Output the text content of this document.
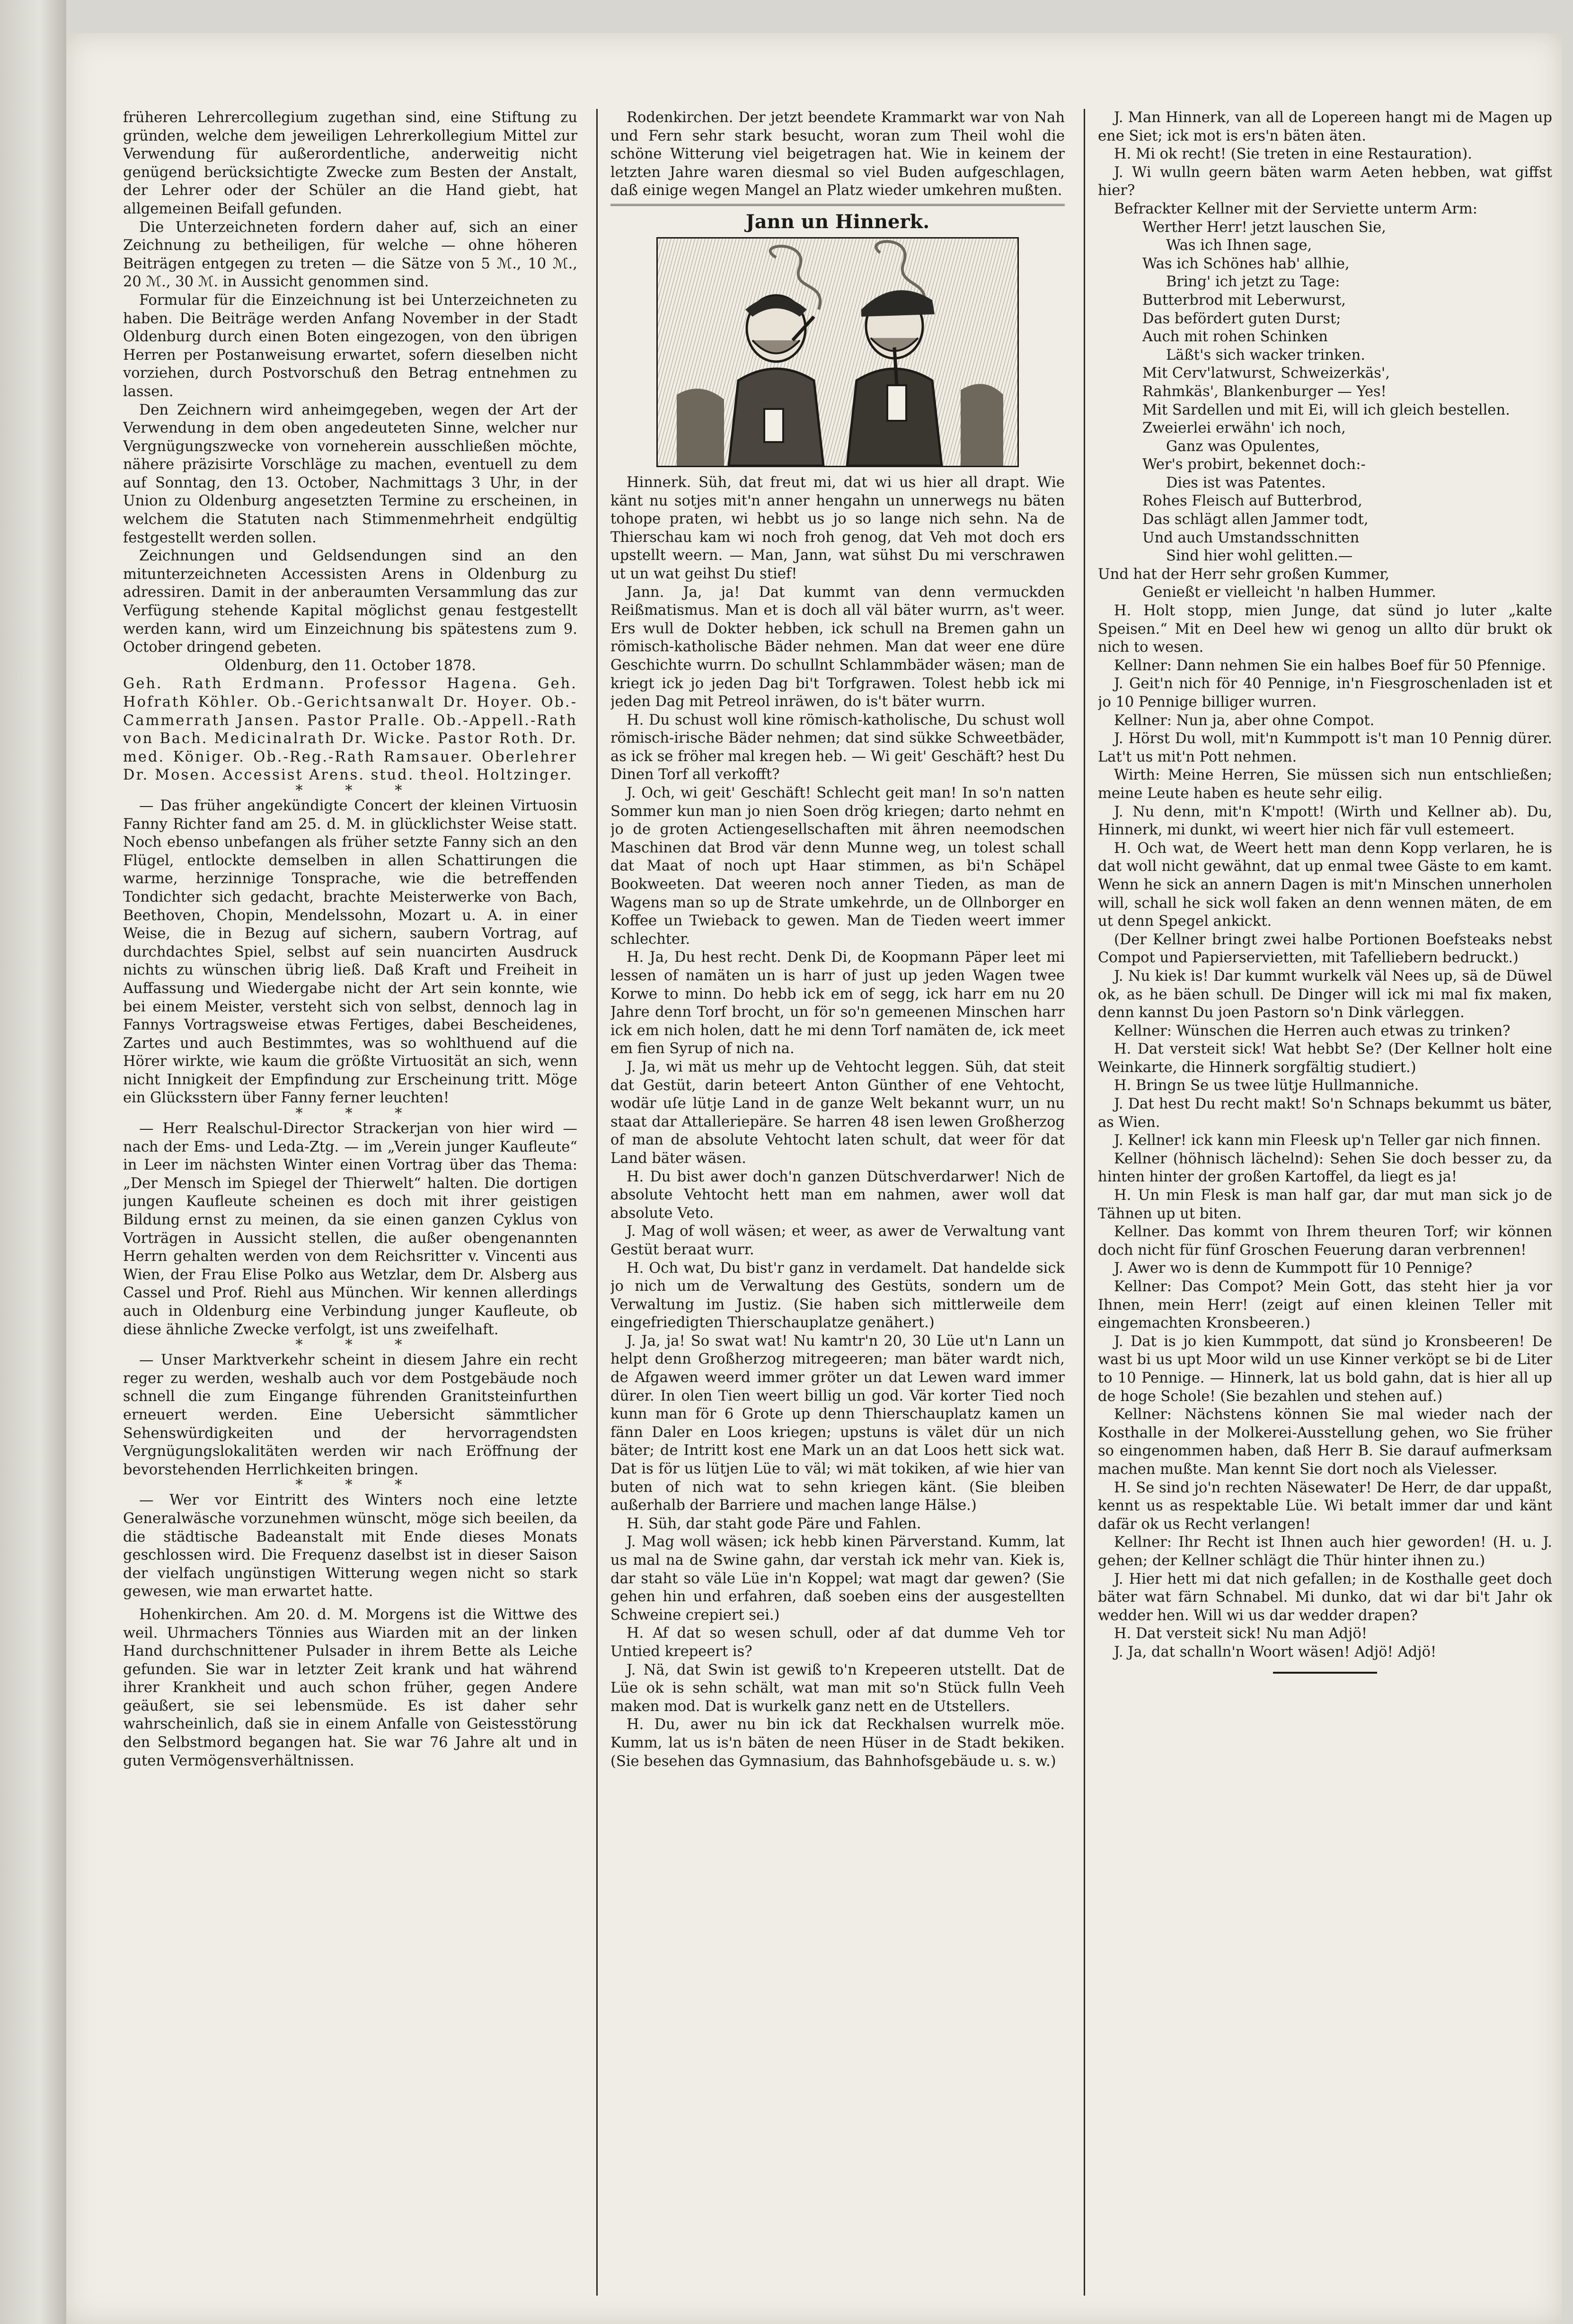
früheren Lehrercollegium zugethan sind, eine Stiftung zu gründen, welche dem jeweiligen Lehrerkollegium Mittel zur Verwendung für außerordentliche, anderweitig nicht genügend berücksichtigte Zwecke zum Besten der Anstalt, der Lehrer oder der Schüler an die Hand giebt, hat allgemeinen Beifall gefunden.

Die Unterzeichneten fordern daher auf, sich an einer Zeichnung zu betheiligen, für welche — ohne höheren Beiträgen entgegen zu treten — die Sätze von 5 ℳ., 10 ℳ., 20 ℳ., 30 ℳ. in Aussicht genommen sind.

Formular für die Einzeichnung ist bei Unterzeichneten zu haben. Die Beiträge werden Anfang November in der Stadt Oldenburg durch einen Boten eingezogen, von den übrigen Herren per Postanweisung erwartet, sofern dieselben nicht vorziehen, durch Postvorschuß den Betrag entnehmen zu lassen.

Den Zeichnern wird anheimgegeben, wegen der Art der Verwendung in dem oben angedeuteten Sinne, welcher nur Vergnügungszwecke von vorneherein ausschließen möchte, nähere präzisirte Vorschläge zu machen, eventuell zu dem auf Sonntag, den 13. October, Nachmittags 3 Uhr, in der Union zu Oldenburg angesetzten Termine zu erscheinen, in welchem die Statuten nach Stimmenmehrheit endgültig festgestellt werden sollen.

Zeichnungen und Geldsendungen sind an den mitunterzeichneten Accessisten Arens in Oldenburg zu adressiren. Damit in der anberaumten Versammlung das zur Verfügung stehende Kapital möglichst genau festgestellt werden kann, wird um Einzeichnung bis spätestens zum 9. October dringend gebeten.

Oldenburg, den 11. October 1878.

Geh. Rath Erdmann. Professor Hagena. Geh. Hofrath Köhler. Ob.-Gerichtsanwalt Dr. Hoyer. Ob.-Cammerrath Jansen. Pastor Pralle. Ob.-Appell.-Rath von Bach. Medicinalrath Dr. Wicke. Pastor Roth. Dr. med. Königer. Ob.-Reg.-Rath Ramsauer. Oberlehrer Dr. Mosen. Accessist Arens. stud. theol. Holtzinger.

* * *

— Das früher angekündigte Concert der kleinen Virtuosin Fanny Richter fand am 25. d. M. in glücklichster Weise statt. Noch ebenso unbefangen als früher setzte Fanny sich an den Flügel, entlockte demselben in allen Schattirungen die warme, herzinnige Tonsprache, wie die betreffenden Tondichter sich gedacht, brachte Meisterwerke von Bach, Beethoven, Chopin, Mendelssohn, Mozart u. A. in einer Weise, die in Bezug auf sichern, saubern Vortrag, auf durchdachtes Spiel, selbst auf sein nuancirten Ausdruck nichts zu wünschen übrig ließ. Daß Kraft und Freiheit in Auffassung und Wiedergabe nicht der Art sein konnte, wie bei einem Meister, versteht sich von selbst, dennoch lag in Fannys Vortragsweise etwas Fertiges, dabei Bescheidenes, Zartes und auch Bestimmtes, was so wohlthuend auf die Hörer wirkte, wie kaum die größte Virtuosität an sich, wenn nicht Innigkeit der Empfindung zur Erscheinung tritt. Möge ein Glücksstern über Fanny ferner leuchten!

* * *

— Herr Realschul-Director Strackerjan von hier wird — nach der Ems- und Leda-Ztg. — im „Verein junger Kaufleute“ in Leer im nächsten Winter einen Vortrag über das Thema: „Der Mensch im Spiegel der Thierwelt“ halten. Die dortigen jungen Kaufleute scheinen es doch mit ihrer geistigen Bildung ernst zu meinen, da sie einen ganzen Cyklus von Vorträgen in Aussicht stellen, die außer obengenannten Herrn gehalten werden von dem Reichsritter v. Vincenti aus Wien, der Frau Elise Polko aus Wetzlar, dem Dr. Alsberg aus Cassel und Prof. Riehl aus München. Wir kennen allerdings auch in Oldenburg eine Verbindung junger Kaufleute, ob diese ähnliche Zwecke verfolgt, ist uns zweifelhaft.

* * *

— Unser Marktverkehr scheint in diesem Jahre ein recht reger zu werden, weshalb auch vor dem Postgebäude noch schnell die zum Eingange führenden Granitsteinfurthen erneuert werden. Eine Uebersicht sämmtlicher Sehenswürdigkeiten und der hervorragendsten Vergnügungslokalitäten werden wir nach Eröffnung der bevorstehenden Herrlichkeiten bringen.

* * *

— Wer vor Eintritt des Winters noch eine letzte Generalwäsche vorzunehmen wünscht, möge sich beeilen, da die städtische Badeanstalt mit Ende dieses Monats geschlossen wird. Die Frequenz daselbst ist in dieser Saison der vielfach ungünstigen Witterung wegen nicht so stark gewesen, wie man erwartet hatte.

Hohenkirchen. Am 20. d. M. Morgens ist die Wittwe des weil. Uhrmachers Tönnies aus Wiarden mit an der linken Hand durchschnittener Pulsader in ihrem Bette als Leiche gefunden. Sie war in letzter Zeit krank und hat während ihrer Krankheit und auch schon früher, gegen Andere geäußert, sie sei lebensmüde. Es ist daher sehr wahrscheinlich, daß sie in einem Anfalle von Geistesstörung den Selbstmord begangen hat. Sie war 76 Jahre alt und in guten Vermögensverhältnissen.

Rodenkirchen. Der jetzt beendete Krammarkt war von Nah und Fern sehr stark besucht, woran zum Theil wohl die schöne Witterung viel beigetragen hat. Wie in keinem der letzten Jahre waren diesmal so viel Buden aufgeschlagen, daß einige wegen Mangel an Platz wieder umkehren mußten.

Jann un Hinnerk.

Hinnerk. Süh, dat freut mi, dat wi us hier all drapt. Wie känt nu sotjes mit'n anner hengahn un unnerwegs nu bäten tohope praten, wi hebbt us jo so lange nich sehn. Na de Thierschau kam wi noch froh genog, dat Veh mot doch ers upstellt weern. — Man, Jann, wat sühst Du mi verschrawen ut un wat geihst Du stief!

Jann. Ja, ja! Dat kummt van denn vermuckden Reißmatismus. Man et is doch all väl bäter wurrn, as't weer. Ers wull de Dokter hebben, ick schull na Bremen gahn un römisch-katholische Bäder nehmen. Man dat weer ene düre Geschichte wurrn. Do schullnt Schlammbäder wäsen; man de kriegt ick jo jeden Dag bi't Torfgrawen. Tolest hebb ick mi jeden Dag mit Petreol inräwen, do is't bäter wurrn.

H. Du schust woll kine römisch-katholische, Du schust woll römisch-irische Bäder nehmen; dat sind sükke Schweetbäder, as ick se fröher mal kregen heb. — Wi geit' Geschäft? hest Du Dinen Torf all verkofft?

J. Och, wi geit' Geschäft! Schlecht geit man! In so'n natten Sommer kun man jo nien Soen drög kriegen; darto nehmt en jo de groten Actiengesellschaften mit ähren neemodschen Maschinen dat Brod vär denn Munne weg, un tolest schall dat Maat of noch upt Haar stimmen, as bi'n Schäpel Bookweeten. Dat weeren noch anner Tieden, as man de Wagens man so up de Strate umkehrde, un de Ollnborger en Koffee un Twieback to gewen. Man de Tieden weert immer schlechter.

H. Ja, Du hest recht. Denk Di, de Koopmann Päper leet mi lessen of namäten un is harr of just up jeden Wagen twee Korwe to minn. Do hebb ick em of segg, ick harr em nu 20 Jahre denn Torf brocht, un för so'n gemeenen Minschen harr ick em nich holen, datt he mi denn Torf namäten de, ick meet em fien Syrup of nich na.

J. Ja, wi mät us mehr up de Vehtocht leggen. Süh, dat steit dat Gestüt, darin beteert Anton Günther of ene Vehtocht, wodär uſe lütje Land in de ganze Welt bekannt wurr, un nu staat dar Attalleriepäre. Se harren 48 isen lewen Großherzog of man de absolute Vehtocht laten schult, dat weer för dat Land bäter wäsen.

H. Du bist awer doch'n ganzen Dütschverdarwer! Nich de absolute Vehtocht hett man em nahmen, awer woll dat absolute Veto.

J. Mag of woll wäsen; et weer, as awer de Verwaltung vant Gestüt beraat wurr.

H. Och wat, Du bist'r ganz in verdamelt. Dat handelde sick jo nich um de Verwaltung des Gestüts, sondern um de Verwaltung im Justiz. (Sie haben sich mittlerweile dem eingefriedigten Thierschauplatze genähert.)

J. Ja, ja! So swat wat! Nu kamtr'n 20, 30 Lüe ut'n Lann un helpt denn Großherzog mitregeeren; man bäter wardt nich, de Afgawen weerd immer gröter un dat Lewen ward immer dürer. In olen Tien weert billig un god. Vär korter Tied noch kunn man för 6 Grote up denn Thierschauplatz kamen un fänn Daler en Loos kriegen; upstuns is välet dür un nich bäter; de Intritt kost ene Mark un an dat Loos hett sick wat. Dat is för us lütjen Lüe to väl; wi mät tokiken, af wie hier van buten of nich wat to sehn kriegen känt. (Sie bleiben außerhalb der Barriere und machen lange Hälse.)

H. Süh, dar staht gode Päre und Fahlen.

J. Mag woll wäsen; ick hebb kinen Pärverstand. Kumm, lat us mal na de Swine gahn, dar verstah ick mehr van. Kiek is, dar staht so väle Lüe in'n Koppel; wat magt dar gewen? (Sie gehen hin und erfahren, daß soeben eins der ausgestellten Schweine crepiert sei.)

H. Af dat so wesen schull, oder af dat dumme Veh tor Untied krepeert is?

J. Nä, dat Swin ist gewiß to'n Krepeeren utstellt. Dat de Lüe ok is sehn schält, wat man mit so'n Stück fulln Veeh maken mod. Dat is wurkelk ganz nett en de Utstellers.

H. Du, awer nu bin ick dat Reckhalsen wurrelk möe. Kumm, lat us is'n bäten de neen Hüser in de Stadt bekiken. (Sie besehen das Gymnasium, das Bahnhofsgebäude u. s. w.)

J. Man Hinnerk, van all de Lopereen hangt mi de Magen up ene Siet; ick mot is ers'n bäten äten.

H. Mi ok recht! (Sie treten in eine Restauration).

J. Wi wulln geern bäten warm Aeten hebben, wat giffst hier?

Befrackter Kellner mit der Serviette unterm Arm:

Werther Herr! jetzt lauschen Sie,

Was ich Ihnen sage,

Was ich Schönes hab' allhie,

Bring' ich jetzt zu Tage:

Butterbrod mit Leberwurst,

Das befördert guten Durst;

Auch mit rohen Schinken

Läßt's sich wacker trinken.

Mit Cerv'latwurst, Schweizerkäs',

Rahmkäs', Blankenburger — Yes!

Mit Sardellen und mit Ei, will ich gleich bestellen.

Zweierlei erwähn' ich noch,

Ganz was Opulentes,

Wer's probirt, bekennet doch:-

Dies ist was Patentes.

Rohes Fleisch auf Butterbrod,

Das schlägt allen Jammer todt,

Und auch Umstandsschnitten

Sind hier wohl gelitten.—

Und hat der Herr sehr großen Kummer,

Genießt er vielleicht 'n halben Hummer.

H. Holt stopp, mien Junge, dat sünd jo luter „kalte Speisen.“ Mit en Deel hew wi genog un allto dür brukt ok nich to wesen.

Kellner: Dann nehmen Sie ein halbes Boef für 50 Pfennige.

J. Geit'n nich för 40 Pennige, in'n Fiesgroschenladen ist et jo 10 Pennige billiger wurren.

Kellner: Nun ja, aber ohne Compot.

J. Hörst Du woll, mit'n Kummpott is't man 10 Pennig dürer. Lat't us mit'n Pott nehmen.

Wirth: Meine Herren, Sie müssen sich nun entschließen; meine Leute haben es heute sehr eilig.

J. Nu denn, mit'n K'mpott! (Wirth und Kellner ab). Du, Hinnerk, mi dunkt, wi weert hier nich fär vull estemeert.

H. Och wat, de Weert hett man denn Kopp verlaren, he is dat woll nicht gewähnt, dat up enmal twee Gäste to em kamt. Wenn he sick an annern Dagen is mit'n Minschen unnerholen will, schall he sick woll faken an denn wennen mäten, de em ut denn Spegel ankickt.

(Der Kellner bringt zwei halbe Portionen Boefsteaks nebst Compot und Papierservietten, mit Tafelliebern bedruckt.)

J. Nu kiek is! Dar kummt wurkelk väl Nees up, sä de Düwel ok, as he bäen schull. De Dinger will ick mi mal fix maken, denn kannst Du joen Pastorn so'n Dink värleggen.

Kellner: Wünschen die Herren auch etwas zu trinken?

H. Dat versteit sick! Wat hebbt Se? (Der Kellner holt eine Weinkarte, die Hinnerk sorgfältig studiert.)

H. Bringn Se us twee lütje Hullmanniche.

J. Dat hest Du recht makt! So'n Schnaps bekummt us bäter, as Wien.

J. Kellner! ick kann min Fleesk up'n Teller gar nich finnen.

Kellner (höhnisch lächelnd): Sehen Sie doch besser zu, da hinten hinter der großen Kartoffel, da liegt es ja!

H. Un min Flesk is man half gar, dar mut man sick jo de Tähnen up ut biten.

Kellner. Das kommt von Ihrem theuren Torf; wir können doch nicht für fünf Groschen Feuerung daran verbrennen!

J. Awer wo is denn de Kummpott für 10 Pennige?

Kellner: Das Compot? Mein Gott, das steht hier ja vor Ihnen, mein Herr! (zeigt auf einen kleinen Teller mit eingemachten Kronsbeeren.)

J. Dat is jo kien Kummpott, dat sünd jo Kronsbeeren! De wast bi us upt Moor wild un use Kinner verköpt se bi de Liter to 10 Pennige. — Hinnerk, lat us bold gahn, dat is hier all up de hoge Schole! (Sie bezahlen und stehen auf.)

Kellner: Nächstens können Sie mal wieder nach der Kosthalle in der Molkerei-Ausstellung gehen, wo Sie früher so eingenommen haben, daß Herr B. Sie darauf aufmerksam machen mußte. Man kennt Sie dort noch als Vielesser.

H. Se sind jo'n rechten Näsewater! De Herr, de dar uppaßt, kennt us as respektable Lüe. Wi betalt immer dar und känt dafär ok us Recht verlangen!

Kellner: Ihr Recht ist Ihnen auch hier geworden! (H. u. J. gehen; der Kellner schlägt die Thür hinter ihnen zu.)

J. Hier hett mi dat nich gefallen; in de Kosthalle geet doch bäter wat färn Schnabel. Mi dunko, dat wi dar bi't Jahr ok wedder hen. Will wi us dar wedder drapen?

H. Dat versteit sick! Nu man Adjö!

J. Ja, dat schalln'n Woort wäsen! Adjö! Adjö!
